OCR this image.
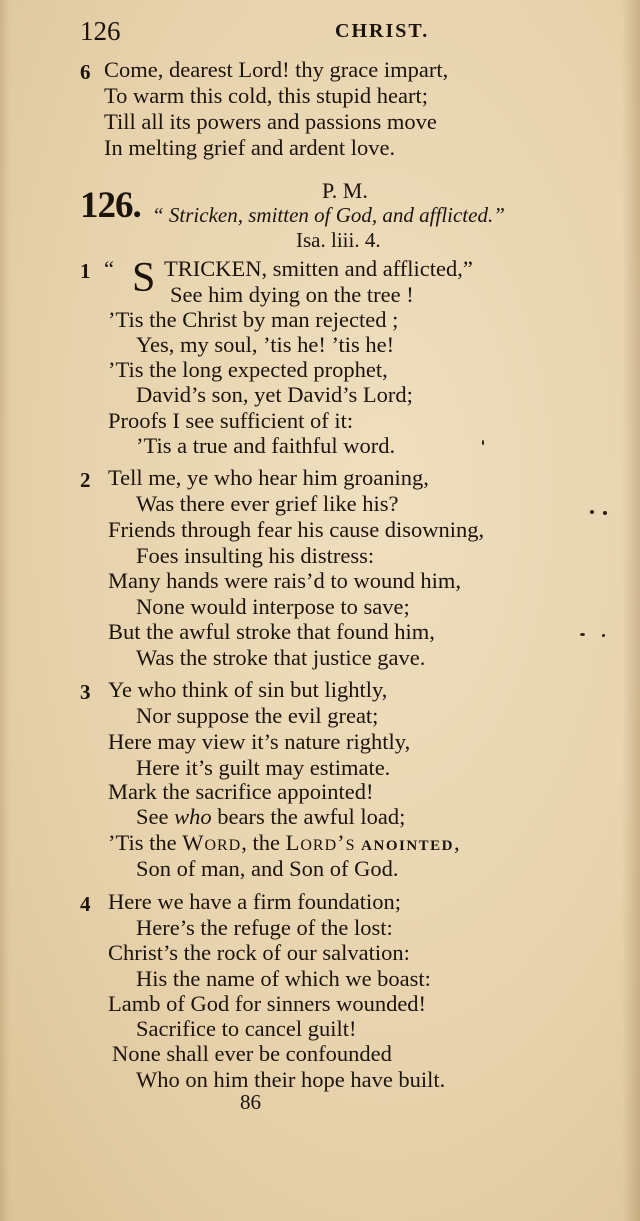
126	CHRIST.
6 Come, dearest Lord! thy grace impart,
To warm this cold, this stupid heart;
Till all its powers and passions move
In melting grief and ardent love.
126.	P. M.
“ Stricken, smitten of God, and afflicted.”
Isa. liii. 4.
1 “ S TRICKEN, smitten and afflicted,”
See him dying on the tree !
’Tis the Christ by man rejected ;
Yes, my soul, ’tis he! ’tis he!
’Tis the long expected prophet,
David’s son, yet David’s Lord;
Proofs I see sufficient of it:
’Tis a true and faithful word.
2 Tell me, ye who hear him groaning,
Was there ever grief like his?
Friends through fear his cause disowning,
Foes insulting his distress:
Many hands were rais’d to wound him,
None would interpose to save;
But the awful stroke that found him,
Was the stroke that justice gave.
3 Ye who think of sin but lightly,
Nor suppose the evil great;
Here may view it’s nature rightly,
Here it’s guilt may estimate.
Mark the sacrifice appointed!
See who bears the awful load;
’Tis the Word, the Lord’s ANOINTED,
Son of man, and Son of God.
4 Here we have a firm foundation;
Here’s the refuge of the lost:
Christ’s the rock of our salvation:
His the name of which we boast:
Lamb of God for sinners wounded!
Sacrifice to cancel guilt!
None shall ever be confounded
Who on him their hope have built.
86
